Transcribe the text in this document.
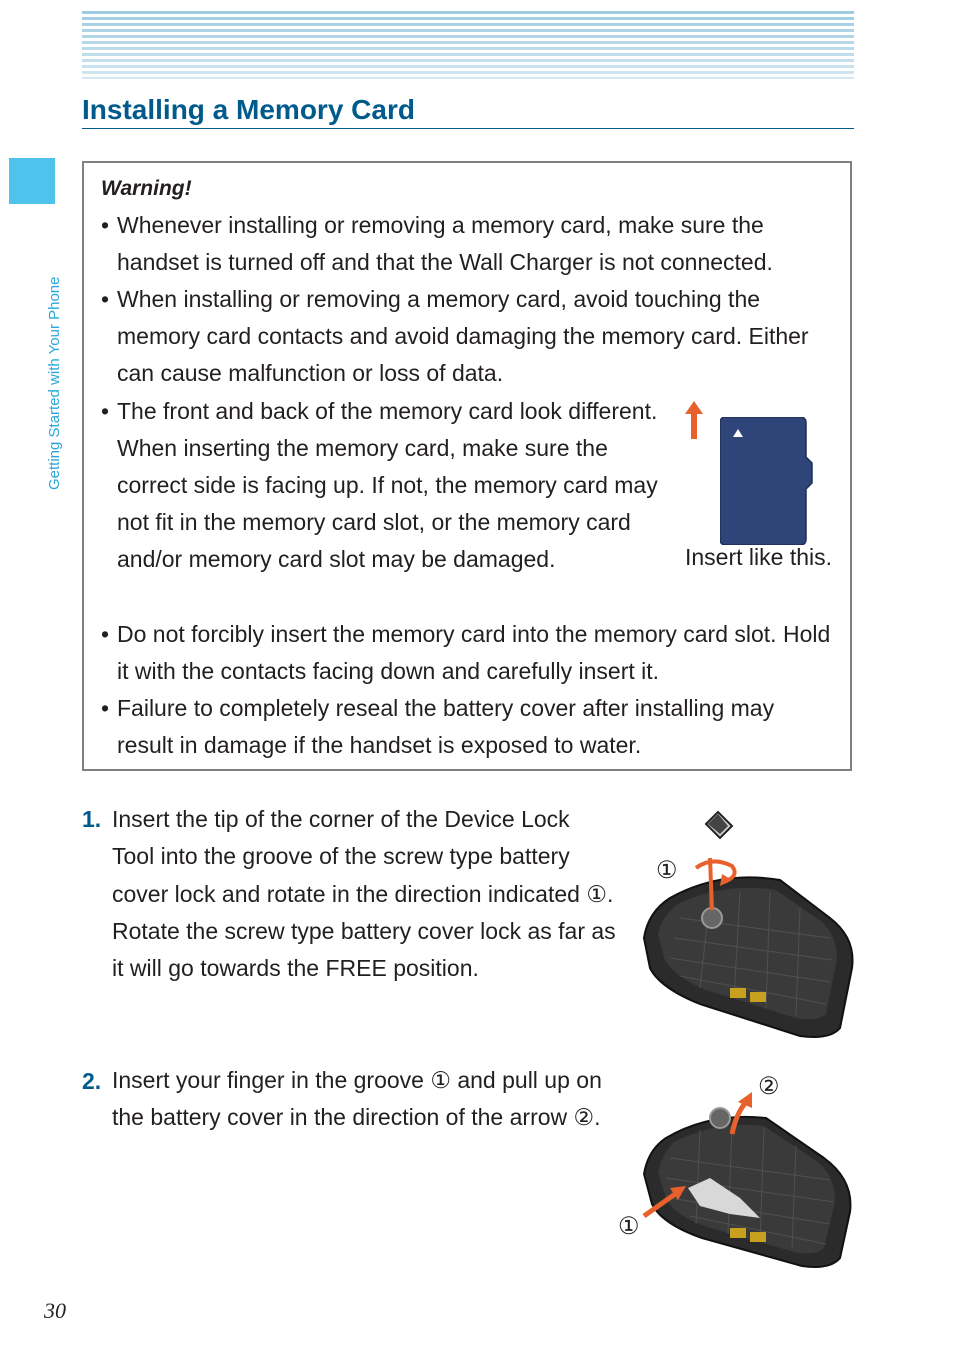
Installing a Memory Card
Getting Started with Your Phone
Warning!
• Whenever installing or removing a memory card, make sure the handset is turned off and that the Wall Charger is not connected.
• When installing or removing a memory card, avoid touching the memory card contacts and avoid damaging the memory card. Either can cause malfunction or loss of data.
• The front and back of the memory card look different. When inserting the memory card, make sure the correct side is facing up. If not, the memory card may not fit in the memory card slot, or the memory card and/or memory card slot may be damaged.	Insert like this.
• Do not forcibly insert the memory card into the memory card slot. Hold it with the contacts facing down and carefully insert it.
• Failure to completely reseal the battery cover after installing may result in damage if the handset is exposed to water.
1. Insert the tip of the corner of the Device Lock Tool into the groove of the screw type battery cover lock and rotate in the direction indicated ①. Rotate the screw type battery cover lock as far as it will go towards the FREE position.
①
2. Insert your finger in the groove ① and pull up on the battery cover in the direction of the arrow ②.
②
①
30
